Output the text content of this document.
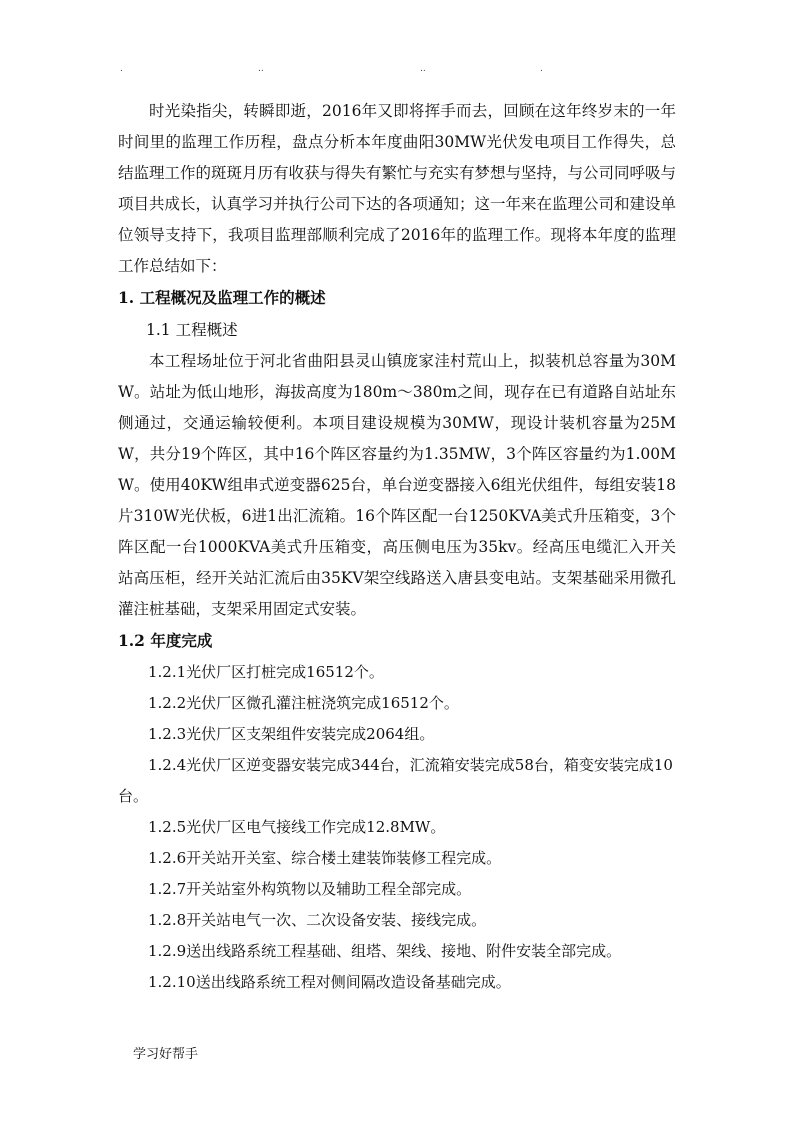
.	..	..	.

时光染指尖，转瞬即逝，2016年又即将挥手而去，回顾在这年终岁末的一年时间里的监理工作历程，盘点分析本年度曲阳30MW光伏发电项目工作得失，总结监理工作的斑斑月历有收获与得失有繁忙与充实有梦想与坚持，与公司同呼吸与项目共成长，认真学习并执行公司下达的各项通知；这一年来在监理公司和建设单位领导支持下，我项目监理部顺利完成了2016年的监理工作。现将本年度的监理工作总结如下：

1. 工程概况及监理工作的概述

1.1 工程概述

本工程场址位于河北省曲阳县灵山镇庞家洼村荒山上，拟装机总容量为30MW。站址为低山地形，海拔高度为180m～380m之间，现存在已有道路自站址东侧通过，交通运输较便利。本项目建设规模为30MW，现设计装机容量为25MW，共分19个阵区，其中16个阵区容量约为1.35MW，3个阵区容量约为1.00MW。使用40KW组串式逆变器625台，单台逆变器接入6组光伏组件，每组安装18片310W光伏板，6进1出汇流箱。16个阵区配一台1250KVA美式升压箱变，3个阵区配一台1000KVA美式升压箱变，高压侧电压为35kv。经高压电缆汇入开关站高压柜，经开关站汇流后由35KV架空线路送入唐县变电站。支架基础采用微孔灌注桩基础，支架采用固定式安装。

1.2 年度完成

1.2.1光伏厂区打桩完成16512个。

1.2.2光伏厂区微孔灌注桩浇筑完成16512个。

1.2.3光伏厂区支架组件安装完成2064组。

1.2.4光伏厂区逆变器安装完成344台，汇流箱安装完成58台，箱变安装完成10台。

1.2.5光伏厂区电气接线工作完成12.8MW。

1.2.6开关站开关室、综合楼土建装饰装修工程完成。

1.2.7开关站室外构筑物以及辅助工程全部完成。

1.2.8开关站电气一次、二次设备安装、接线完成。

1.2.9送出线路系统工程基础、组塔、架线、接地、附件安装全部完成。

1.2.10送出线路系统工程对侧间隔改造设备基础完成。

学习好帮手
